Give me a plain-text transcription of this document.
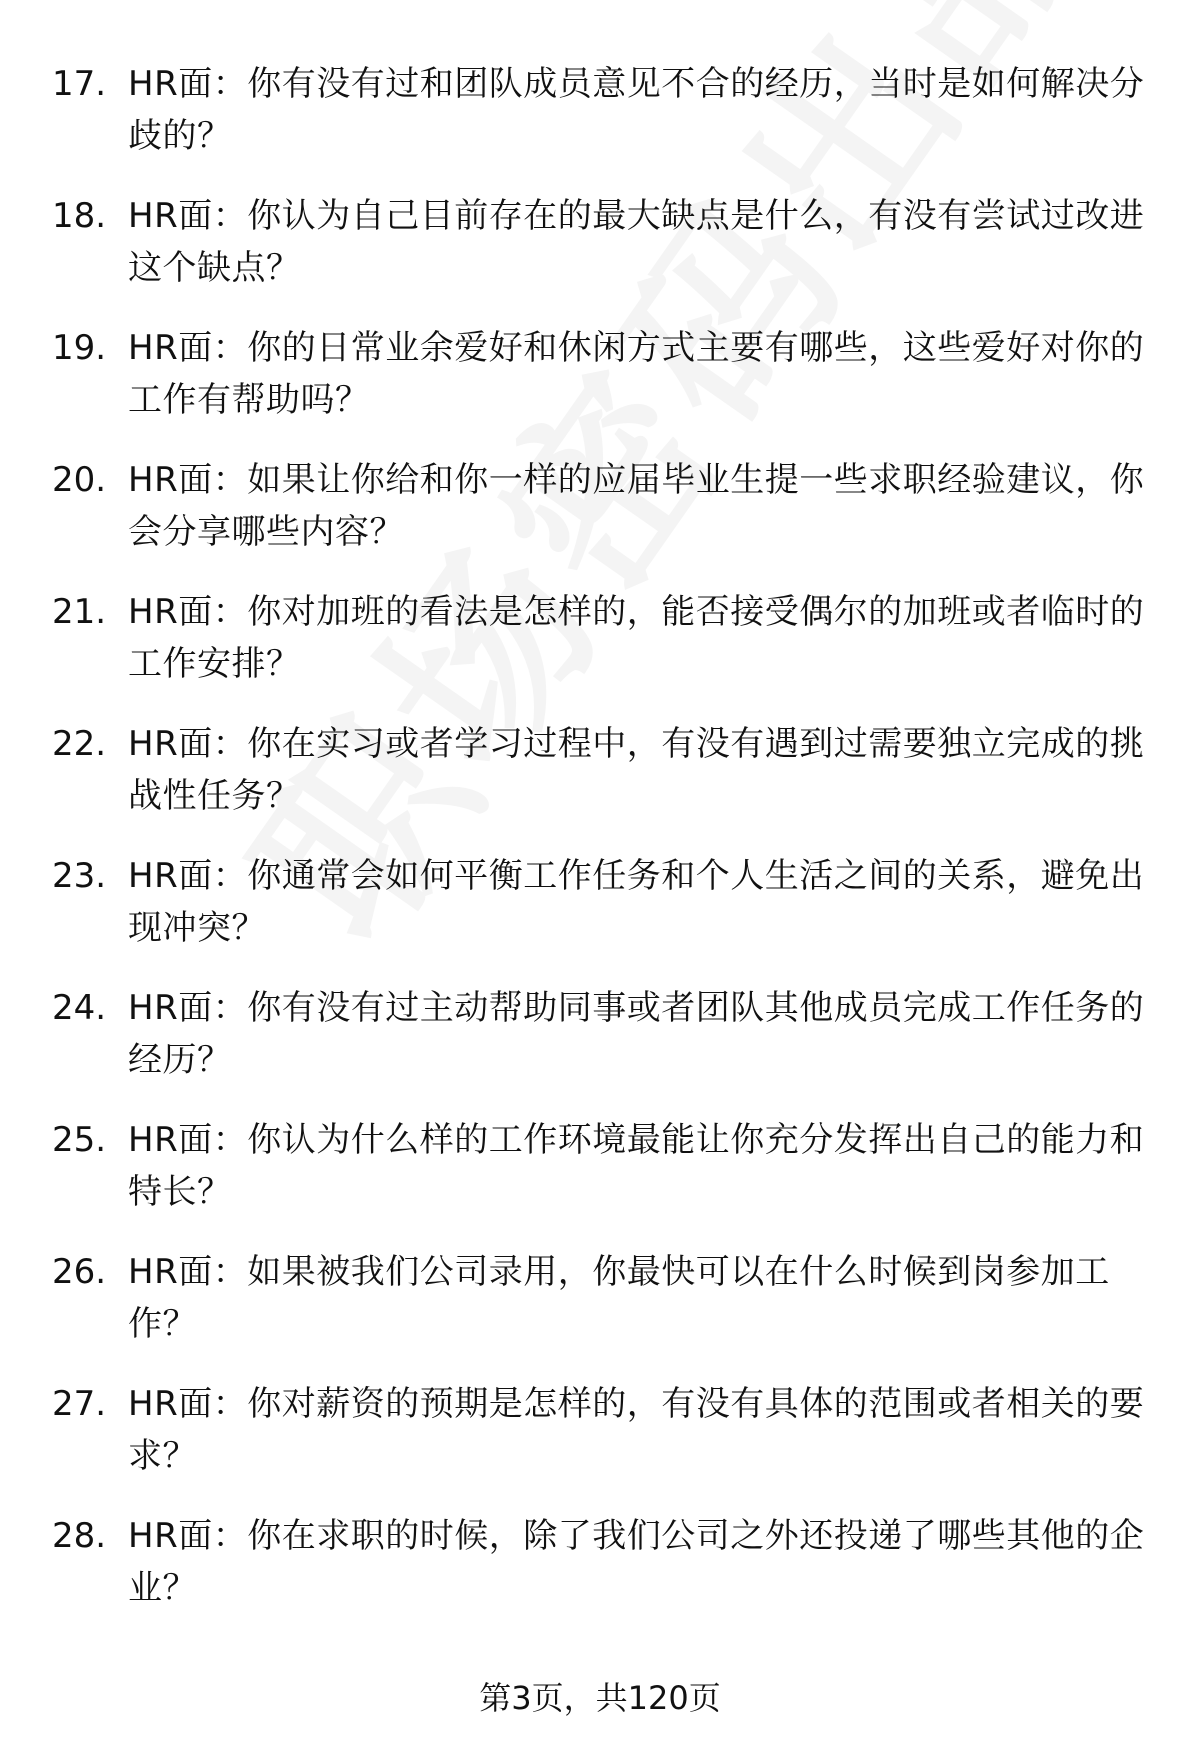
17. HR面：你有没有过和团队成员意见不合的经历，当时是如何解决分歧的？
18. HR面：你认为自己目前存在的最大缺点是什么，有没有尝试过改进这个缺点？
19. HR面：你的日常业余爱好和休闲方式主要有哪些，这些爱好对你的工作有帮助吗？
20. HR面：如果让你给和你一样的应届毕业生提一些求职经验建议，你会分享哪些内容？
21. HR面：你对加班的看法是怎样的，能否接受偶尔的加班或者临时的工作安排？
22. HR面：你在实习或者学习过程中，有没有遇到过需要独立完成的挑战性任务？
23. HR面：你通常会如何平衡工作任务和个人生活之间的关系，避免出现冲突？
24. HR面：你有没有过主动帮助同事或者团队其他成员完成工作任务的经历？
25. HR面：你认为什么样的工作环境最能让你充分发挥出自己的能力和特长？
26. HR面：如果被我们公司录用，你最快可以在什么时候到岗参加工作？
27. HR面：你对薪资的预期是怎样的，有没有具体的范围或者相关的要求？
28. HR面：你在求职的时候，除了我们公司之外还投递了哪些其他的企业？
第3页，共120页
